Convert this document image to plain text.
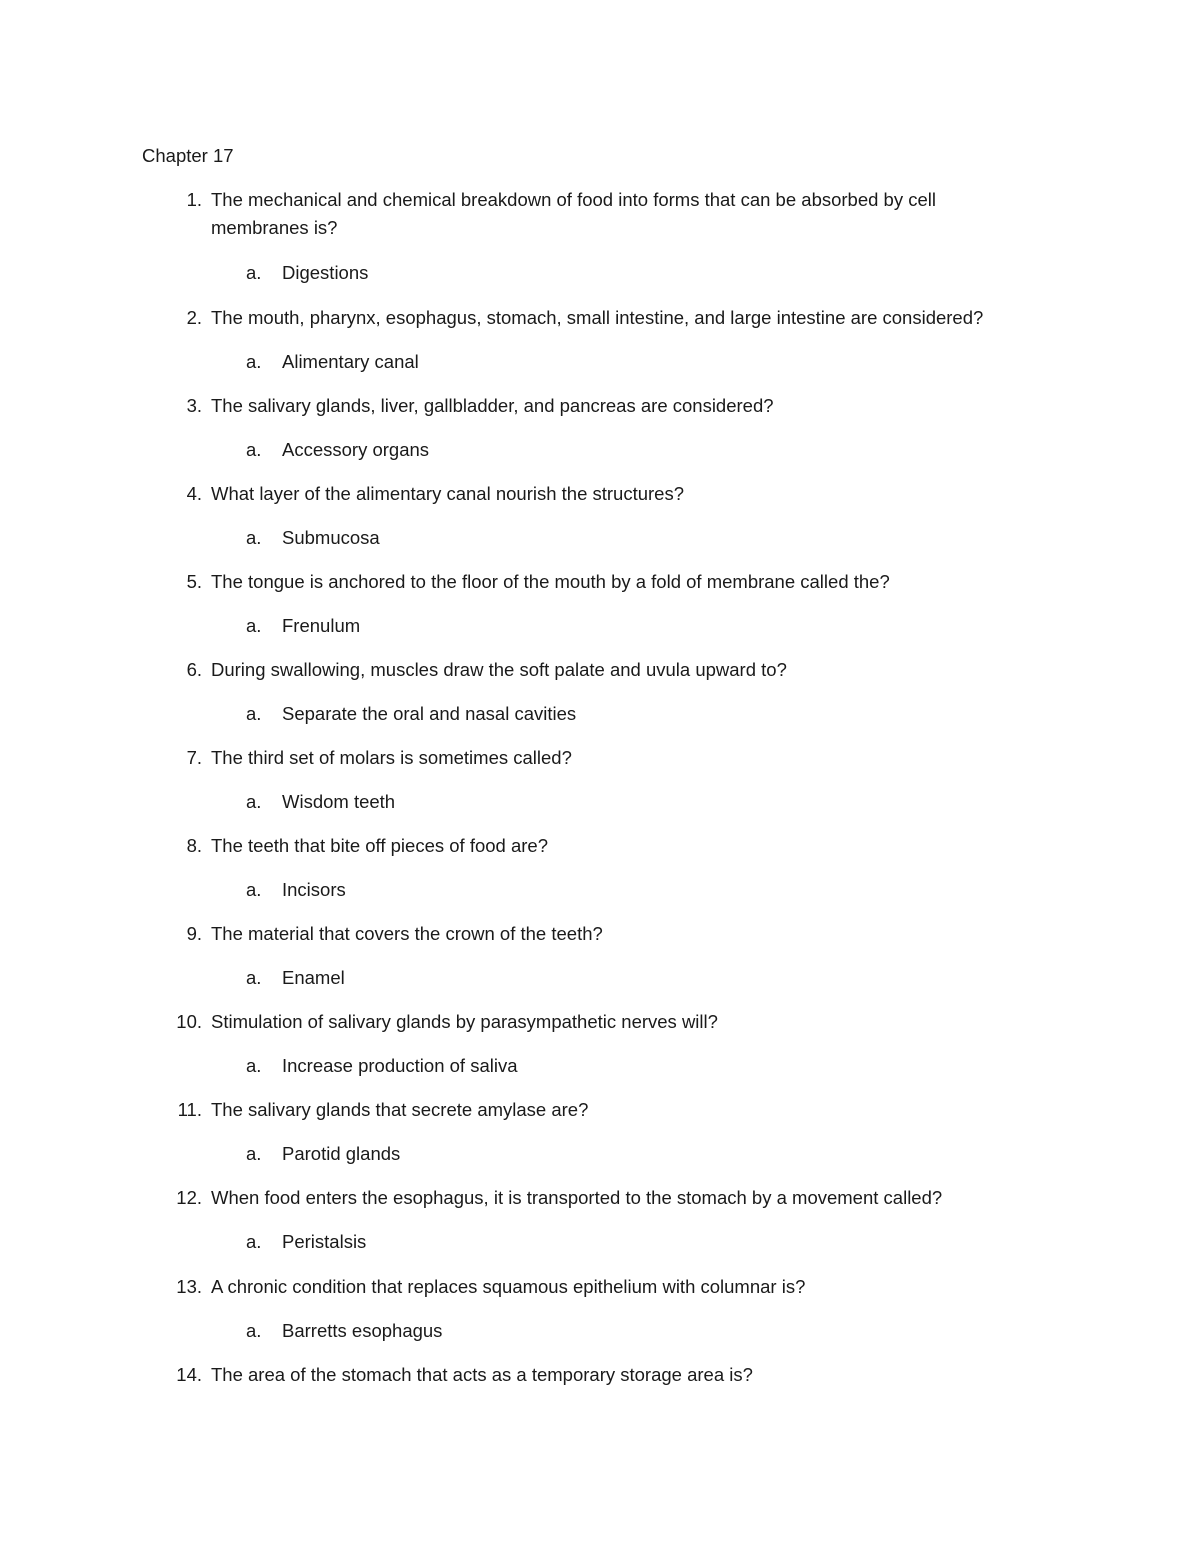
Chapter 17
1. The mechanical and chemical breakdown of food into forms that can be absorbed by cell membranes is?
a. Digestions
2. The mouth, pharynx, esophagus, stomach, small intestine, and large intestine are considered?
a. Alimentary canal
3. The salivary glands, liver, gallbladder, and pancreas are considered?
a. Accessory organs
4. What layer of the alimentary canal nourish the structures?
a. Submucosa
5. The tongue is anchored to the floor of the mouth by a fold of membrane called the?
a. Frenulum
6. During swallowing, muscles draw the soft palate and uvula upward to?
a. Separate the oral and nasal cavities
7. The third set of molars is sometimes called?
a. Wisdom teeth
8. The teeth that bite off pieces of food are?
a. Incisors
9. The material that covers the crown of the teeth?
a. Enamel
10. Stimulation of salivary glands by parasympathetic nerves will?
a. Increase production of saliva
11. The salivary glands that secrete amylase are?
a. Parotid glands
12. When food enters the esophagus, it is transported to the stomach by a movement called?
a. Peristalsis
13. A chronic condition that replaces squamous epithelium with columnar is?
a. Barretts esophagus
14. The area of the stomach that acts as a temporary storage area is?
